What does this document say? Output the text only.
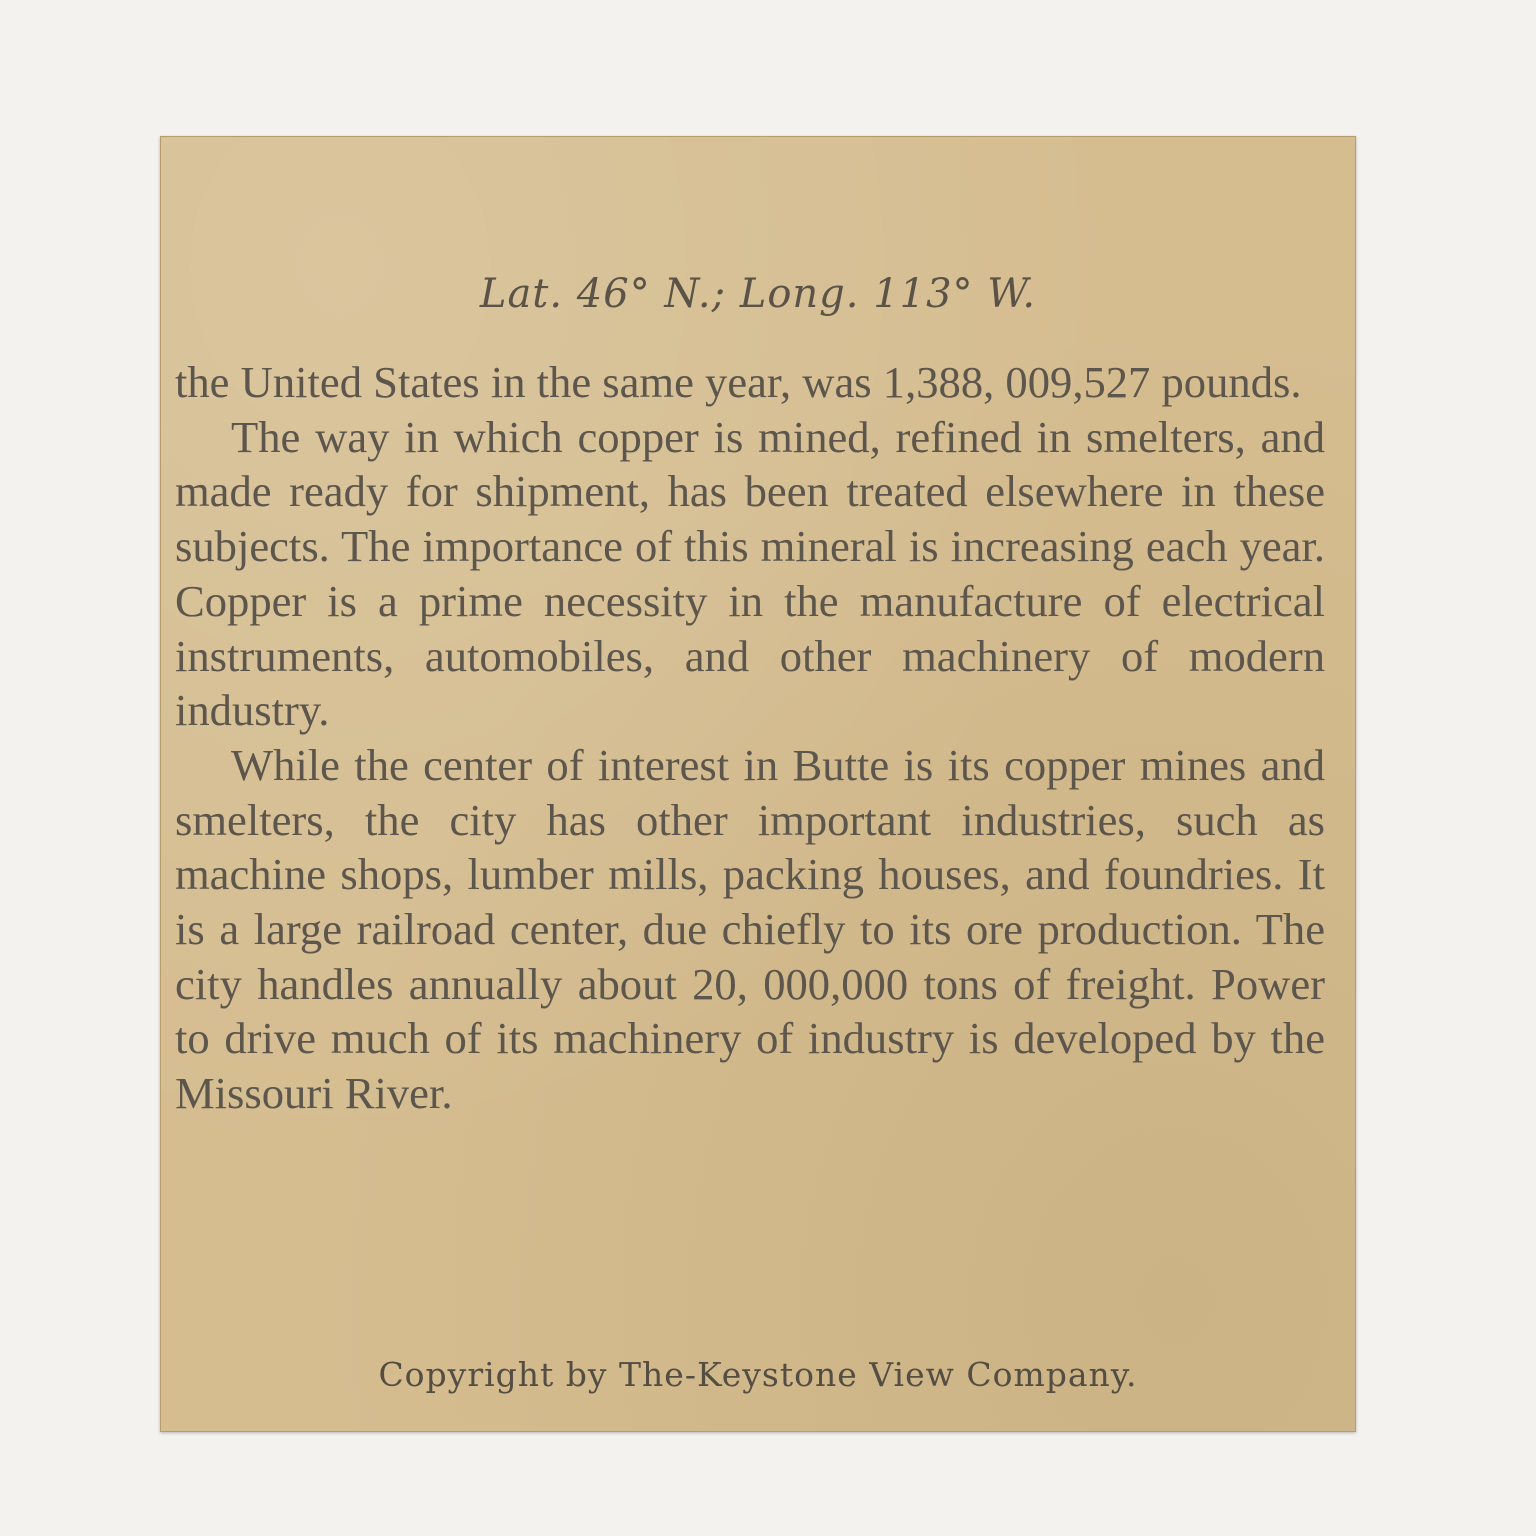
Lat. 46° N.; Long. 113° W.

the United States in the same year, was 1,388, 009,527 pounds.

The way in which copper is mined, refined in smelters, and made ready for shipment, has been treated elsewhere in these subjects. The importance of this mineral is increasing each year. Copper is a prime necessity in the manufacture of electrical instruments, automobiles, and other machinery of modern industry.

While the center of interest in Butte is its copper mines and smelters, the city has other important industries, such as machine shops, lumber mills, packing houses, and foundries. It is a large railroad center, due chiefly to its ore production. The city handles annually about 20, 000,000 tons of freight. Power to drive much of its machinery of industry is developed by the Missouri River.

Copyright by The-Keystone View Company.
